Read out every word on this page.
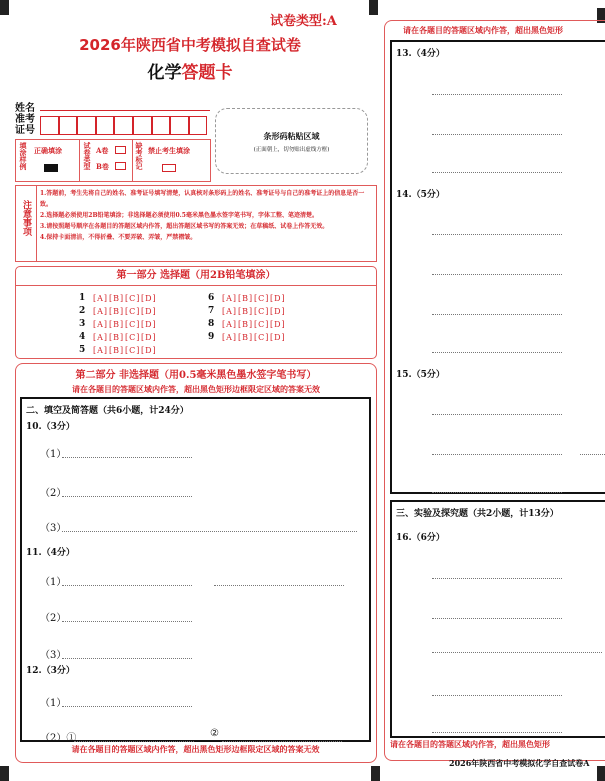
试卷类型:A
2026年陕西省中考模拟自查试卷
化学答题卡
姓名
准考
证号	条形码粘贴区域
(正面朝上，切勿贴出虚线方框)
填涂样例 正确填涂	试卷类型 A卷
B卷	缺考标记 禁止考生填涂
注意事项
1.答题前，考生先将自己的姓名、准考证号填写清楚，认真核对条形码上的姓名、准考证号与自己的准考证上的信息是否一致。
2.选择题必须使用2B铅笔填涂；非选择题必须使用0.5毫米黑色墨水签字笔书写，字体工整、笔迹清楚。
3.请按照题号顺序在各题目的答题区域内作答，超出答题区域书写的答案无效；在草稿纸、试卷上作答无效。
4.保持卡面清洁，不得折叠、不要弄破、弄皱，严禁褶皱。
第一部分 选择题（用2B铅笔填涂）
1 [A] [B] [C] [D]
2 [A] [B] [C] [D]
3 [A] [B] [C] [D]
4 [A] [B] [C] [D]
5 [A] [B] [C] [D]
6 [A] [B] [C] [D]
7 [A] [B] [C] [D]
8 [A] [B] [C] [D]
9 [A] [B] [C] [D]
第二部分 非选择题（用0.5毫米黑色墨水签字笔书写）
请在各题目的答题区域内作答，超出黑色矩形边框限定区域的答案无效
二、填空及简答题（共6小题，计24分）
10.（3分）
（1）
（2）
（3）
11.（4分）
（1）
（2）
（3）
12.（3分）
（1）
（2）①	②
请在各题目的答题区域内作答，超出黑色矩形边框限定区域的答案无效
请在各题目的答题区域内作答，超出黑色矩形
请在各题目的答题区域内作答，超出黑色矩形
13.（4分）
14.（5分）
15.（5分）
三、实验及探究题（共2小题，计13分）
16.（6分）
2026年陕西省中考模拟化学自查试卷A
